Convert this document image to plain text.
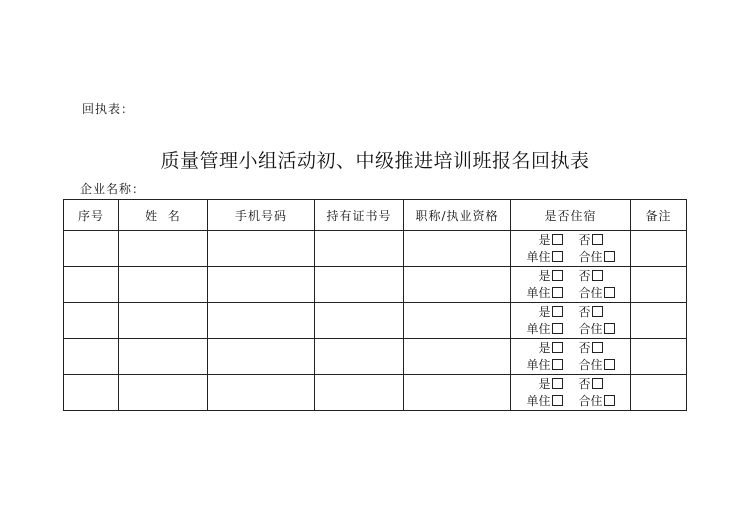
回执表：
质量管理小组活动初、中级推进培训班报名回执表
企业名称：
序号	姓  名	手机号码	持有证书号	职称/执业资格	是否住宿	备注

					是 否
单住 合住	

					是 否
单住 合住	

					是 否
单住 合住	

					是 否
单住 合住	

					是 否
单住 合住	
